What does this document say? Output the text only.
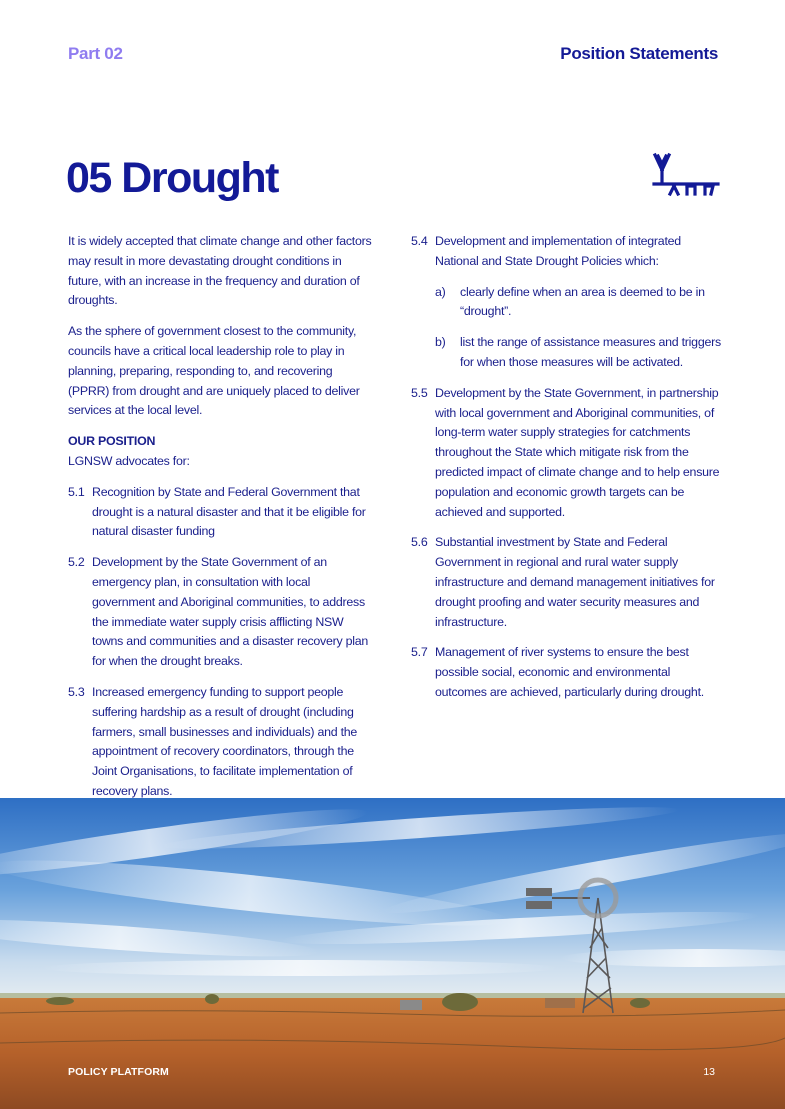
Part 02	Position Statements
05 Drought

It is widely accepted that climate change and other factors may result in more devastating drought conditions in future, with an increase in the frequency and duration of droughts.

As the sphere of government closest to the community, councils have a critical local leadership role to play in planning, preparing, responding to, and recovering (PPRR) from drought and are uniquely placed to deliver services at the local level.

OUR POSITION
LGNSW advocates for:
5.1 Recognition by State and Federal Government that drought is a natural disaster and that it be eligible for natural disaster funding
5.2 Development by the State Government of an emergency plan, in consultation with local government and Aboriginal communities, to address the immediate water supply crisis afflicting NSW towns and communities and a disaster recovery plan for when the drought breaks.
5.3 Increased emergency funding to support people suffering hardship as a result of drought (including farmers, small businesses and individuals) and the appointment of recovery coordinators, through the Joint Organisations, to facilitate implementation of recovery plans.
5.4 Development and implementation of integrated National and State Drought Policies which:
a)	clearly define when an area is deemed to be in “drought”.
b)	list the range of assistance measures and triggers for when those measures will be activated.
5.5 Development by the State Government, in partnership with local government and Aboriginal communities, of long-term water supply strategies for catchments throughout the State which mitigate risk from the predicted impact of climate change and to help ensure population and economic growth targets can be achieved and supported.
5.6 Substantial investment by State and Federal Government in regional and rural water supply infrastructure and demand management initiatives for drought proofing and water security measures and infrastructure.
5.7 Management of river systems to ensure the best possible social, economic and environmental outcomes are achieved, particularly during drought.
POLICY PLATFORM	13
